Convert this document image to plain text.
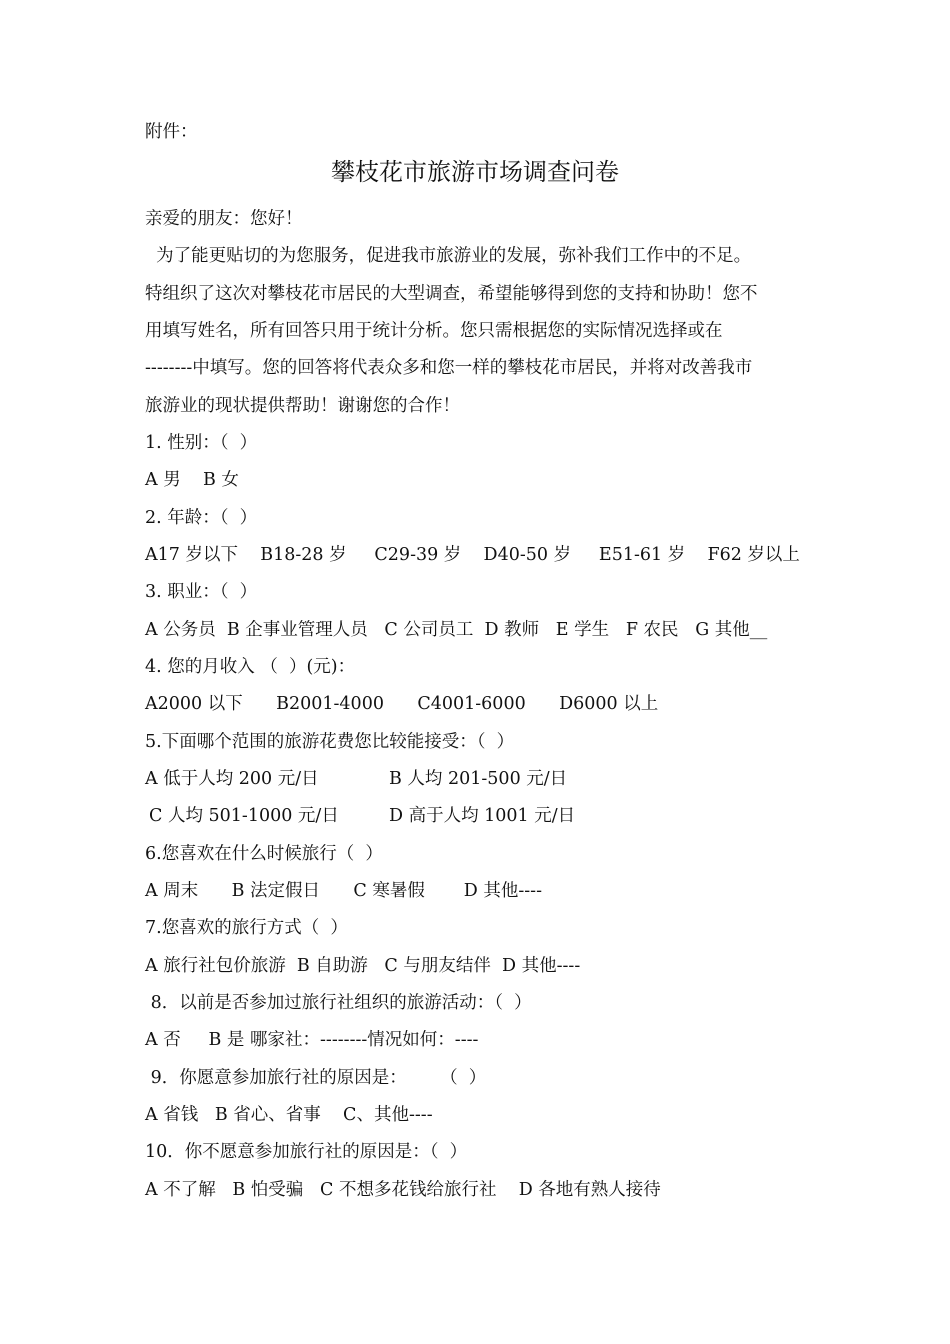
附件：

攀枝花市旅游市场调查问卷

亲爱的朋友：您好！

为了能更贴切的为您服务，促进我市旅游业的发展，弥补我们工作中的不足。

特组织了这次对攀枝花市居民的大型调查，希望能够得到您的支持和协助！您不

用填写姓名，所有回答只用于统计分析。您只需根据您的实际情况选择或在

--------中填写。您的回答将代表众多和您一样的攀枝花市居民，并将对改善我市

旅游业的现状提供帮助！谢谢您的合作！

1. 性别：（  ）

A 男    B 女

2. 年龄：（  ）

A17 岁以下    B18-28 岁     C29-39 岁    D40-50 岁     E51-61 岁    F62 岁以上

3. 职业：（  ）

A 公务员  B 企事业管理人员   C 公司员工  D 教师   E 学生   F 农民   G 其他__

4. 您的月收入 （  ）(元)：

A2000 以下      B2001-4000      C4001-6000      D6000 以上

5.下面哪个范围的旅游花费您比较能接受：（  ）

A 低于人均 200 元/日	B 人均 201-500 元/日
C 人均 501-1000 元/日	D 高于人均 1001 元/日

6.您喜欢在什么时候旅行（  ）

A 周末      B 法定假日      C 寒暑假       D 其他----

7.您喜欢的旅行方式（  ）

A 旅行社包价旅游  B 自助游   C 与朋友结伴  D 其他----

8．以前是否参加过旅行社组织的旅游活动：（  ）

A 否     B 是 哪家社：--------情况如何：----

9．你愿意参加旅行社的原因是：      （  ）

A 省钱   B 省心、省事    C、其他----

10．你不愿意参加旅行社的原因是：（  ）

A 不了解   B 怕受骗   C 不想多花钱给旅行社    D 各地有熟人接待
